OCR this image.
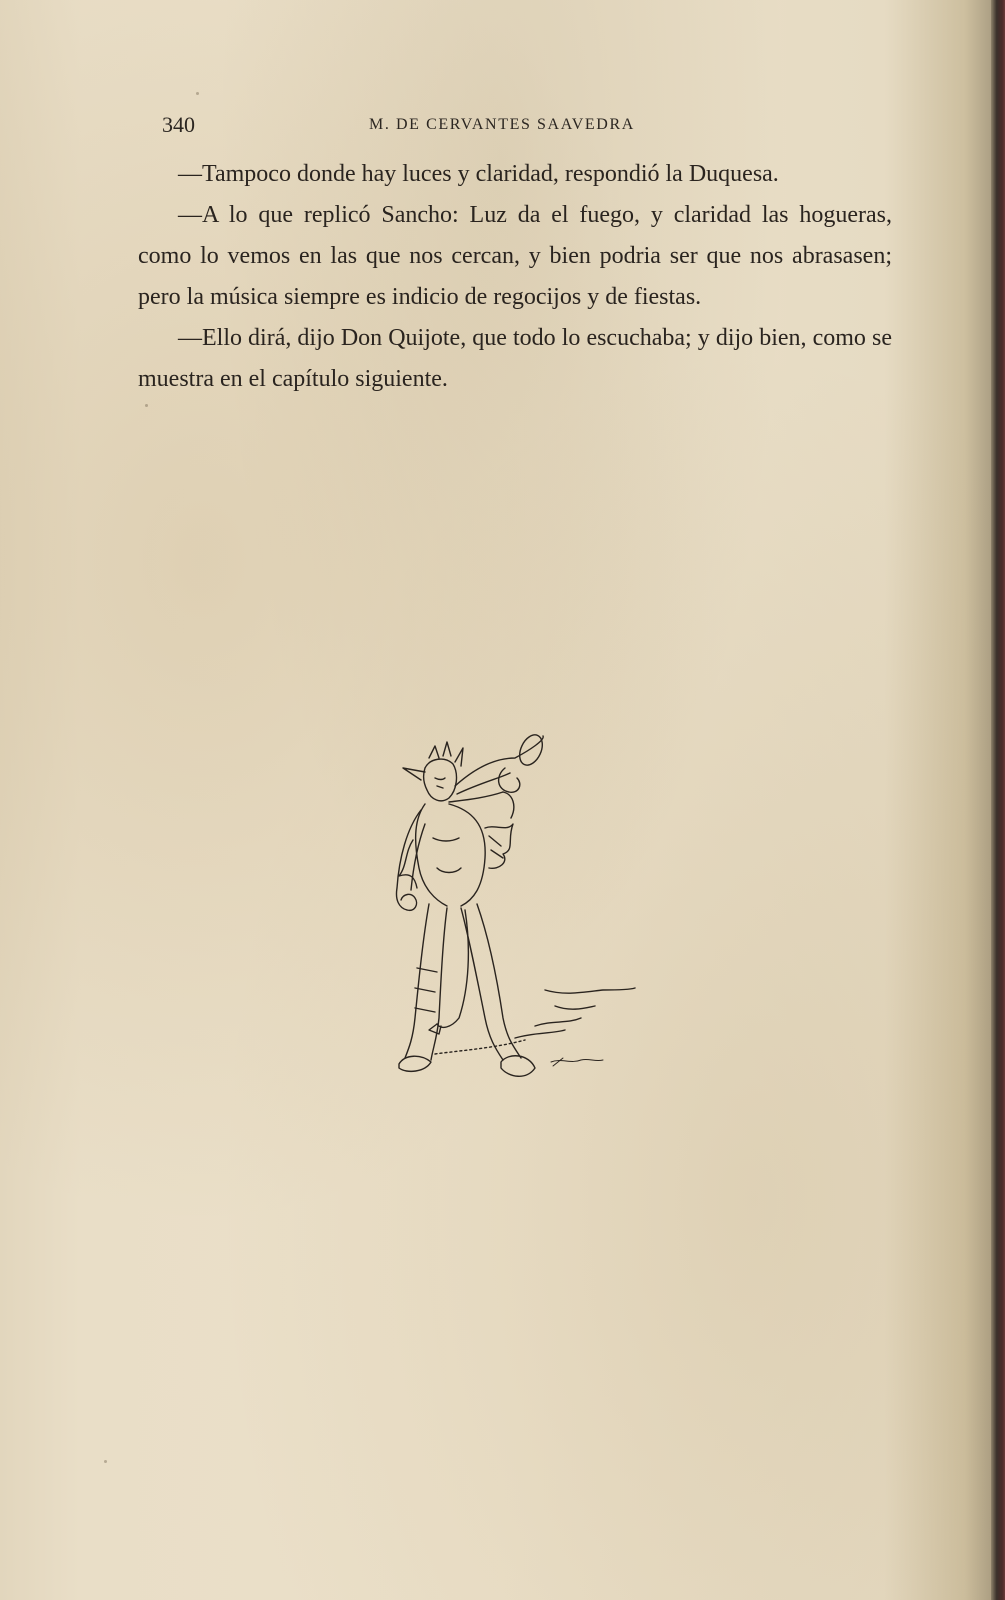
340	M. DE CERVANTES SAAVEDRA

—Tampoco donde hay luces y claridad, respondió la Duquesa.

—A lo que replicó Sancho: Luz da el fuego, y claridad las hogueras, como lo vemos en las que nos cercan, y bien podria ser que nos abrasasen; pero la música siempre es indicio de regocijos y de fiestas.

—Ello dirá, dijo Don Quijote, que todo lo escuchaba; y dijo bien, como se muestra en el capítulo siguiente.
